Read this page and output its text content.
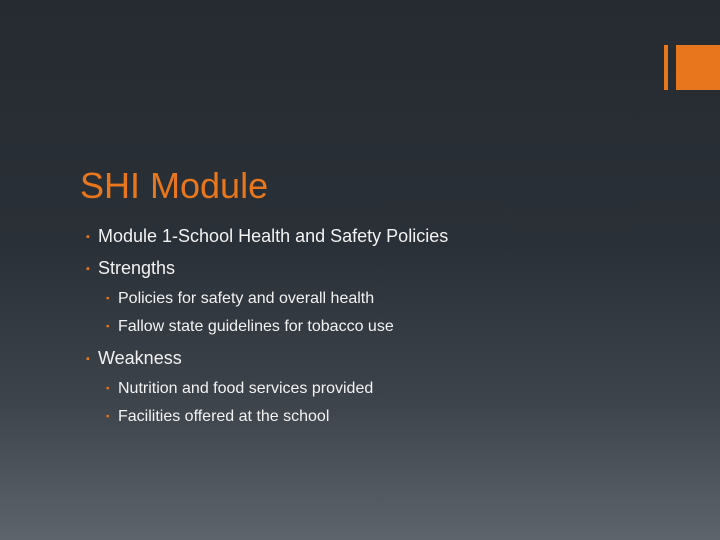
SHI Module
▪ Module 1-School Health and Safety Policies
▪ Strengths
▪ Policies for safety and overall health
▪ Fallow state guidelines for tobacco use
▪ Weakness
▪ Nutrition and food services provided
▪ Facilities offered at the school
